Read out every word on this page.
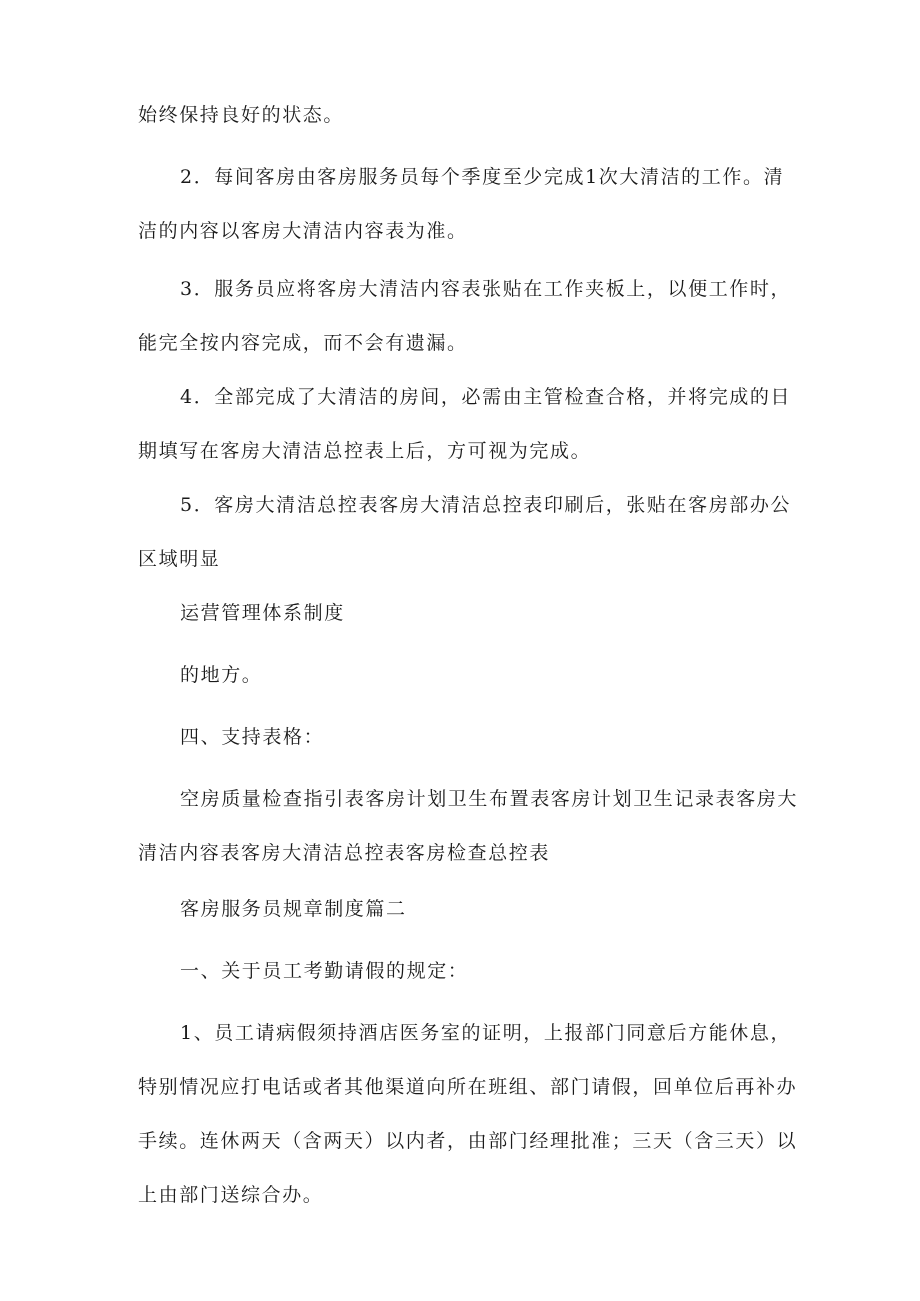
始终保持良好的状态。

2．每间客房由客房服务员每个季度至少完成1次大清洁的工作。清
洁的内容以客房大清洁内容表为准。

3．服务员应将客房大清洁内容表张贴在工作夹板上，以便工作时，
能完全按内容完成，而不会有遗漏。

4．全部完成了大清洁的房间，必需由主管检查合格，并将完成的日
期填写在客房大清洁总控表上后，方可视为完成。

5．客房大清洁总控表客房大清洁总控表印刷后，张贴在客房部办公
区域明显

运营管理体系制度

的地方。

四、支持表格：

空房质量检查指引表客房计划卫生布置表客房计划卫生记录表客房大
清洁内容表客房大清洁总控表客房检查总控表

客房服务员规章制度篇二

一、关于员工考勤请假的规定：

1、员工请病假须持酒店医务室的证明，上报部门同意后方能休息，
特别情况应打电话或者其他渠道向所在班组、部门请假，回单位后再补办
手续。连休两天（含两天）以内者，由部门经理批准；三天（含三天）以
上由部门送综合办。
